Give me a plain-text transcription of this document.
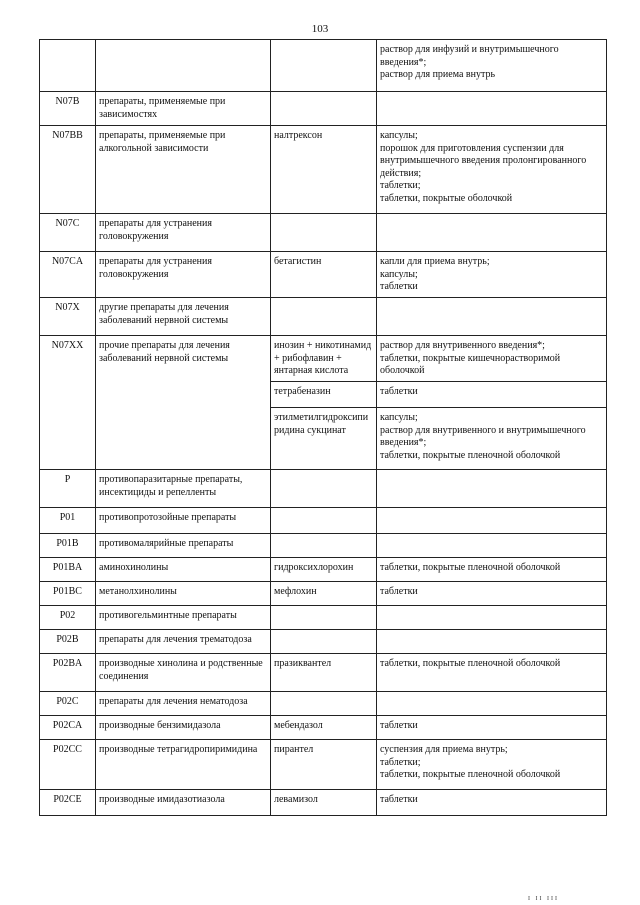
103

			раствор для инфузий и внутримышечного введения*;
раствор для приема внутрь

N07B	препараты, применяемые при зависимостях		
N07BB	препараты, применяемые при алкогольной зависимости	налтрексон	капсулы;
порошок для приготовления суспензии для внутримышечного введения пролонгированного действия;
таблетки;
таблетки, покрытые оболочкой

N07C	препараты для устранения головокружения		
N07CA	препараты для устранения головокружения	бетагистин	капли для приема внутрь;
капсулы;
таблетки

N07X	другие препараты для лечения заболеваний нервной системы		
N07XX	прочие препараты для лечения заболеваний нервной системы	инозин + никотинамид + рибофлавин + янтарная кислота	раствор для внутривенного введения*;
таблетки, покрытые кишечнорастворимой оболочкой

		тетрабеназин	таблетки

		этилметилгидроксипиридина сукцинат	капсулы;
раствор для внутривенного и внутримышечного введения*;
таблетки, покрытые пленочной оболочкой

P	противопаразитарные препараты, инсектициды и репелленты		
P01	противопротозойные препараты		
P01B	противомалярийные препараты		
P01BA	аминохинолины	гидроксихлорохин	таблетки, покрытые пленочной оболочкой

P01BC	метанолхинолины	мефлохин	таблетки

P02	противогельминтные препараты		
P02B	препараты для лечения трематодоза		
P02BA	производные хинолина и родственные соединения	празиквантел	таблетки, покрытые пленочной оболочкой

P02C	препараты для лечения нематодоза		
P02CA	производные бензимидазола	мебендазол	таблетки

P02CC	производные тетрагидропиримидина	пирантел	суспензия для приема внутрь;
таблетки;
таблетки, покрытые пленочной оболочкой

P02CE	производные имидазотиазола	левамизол	таблетки
I II III
